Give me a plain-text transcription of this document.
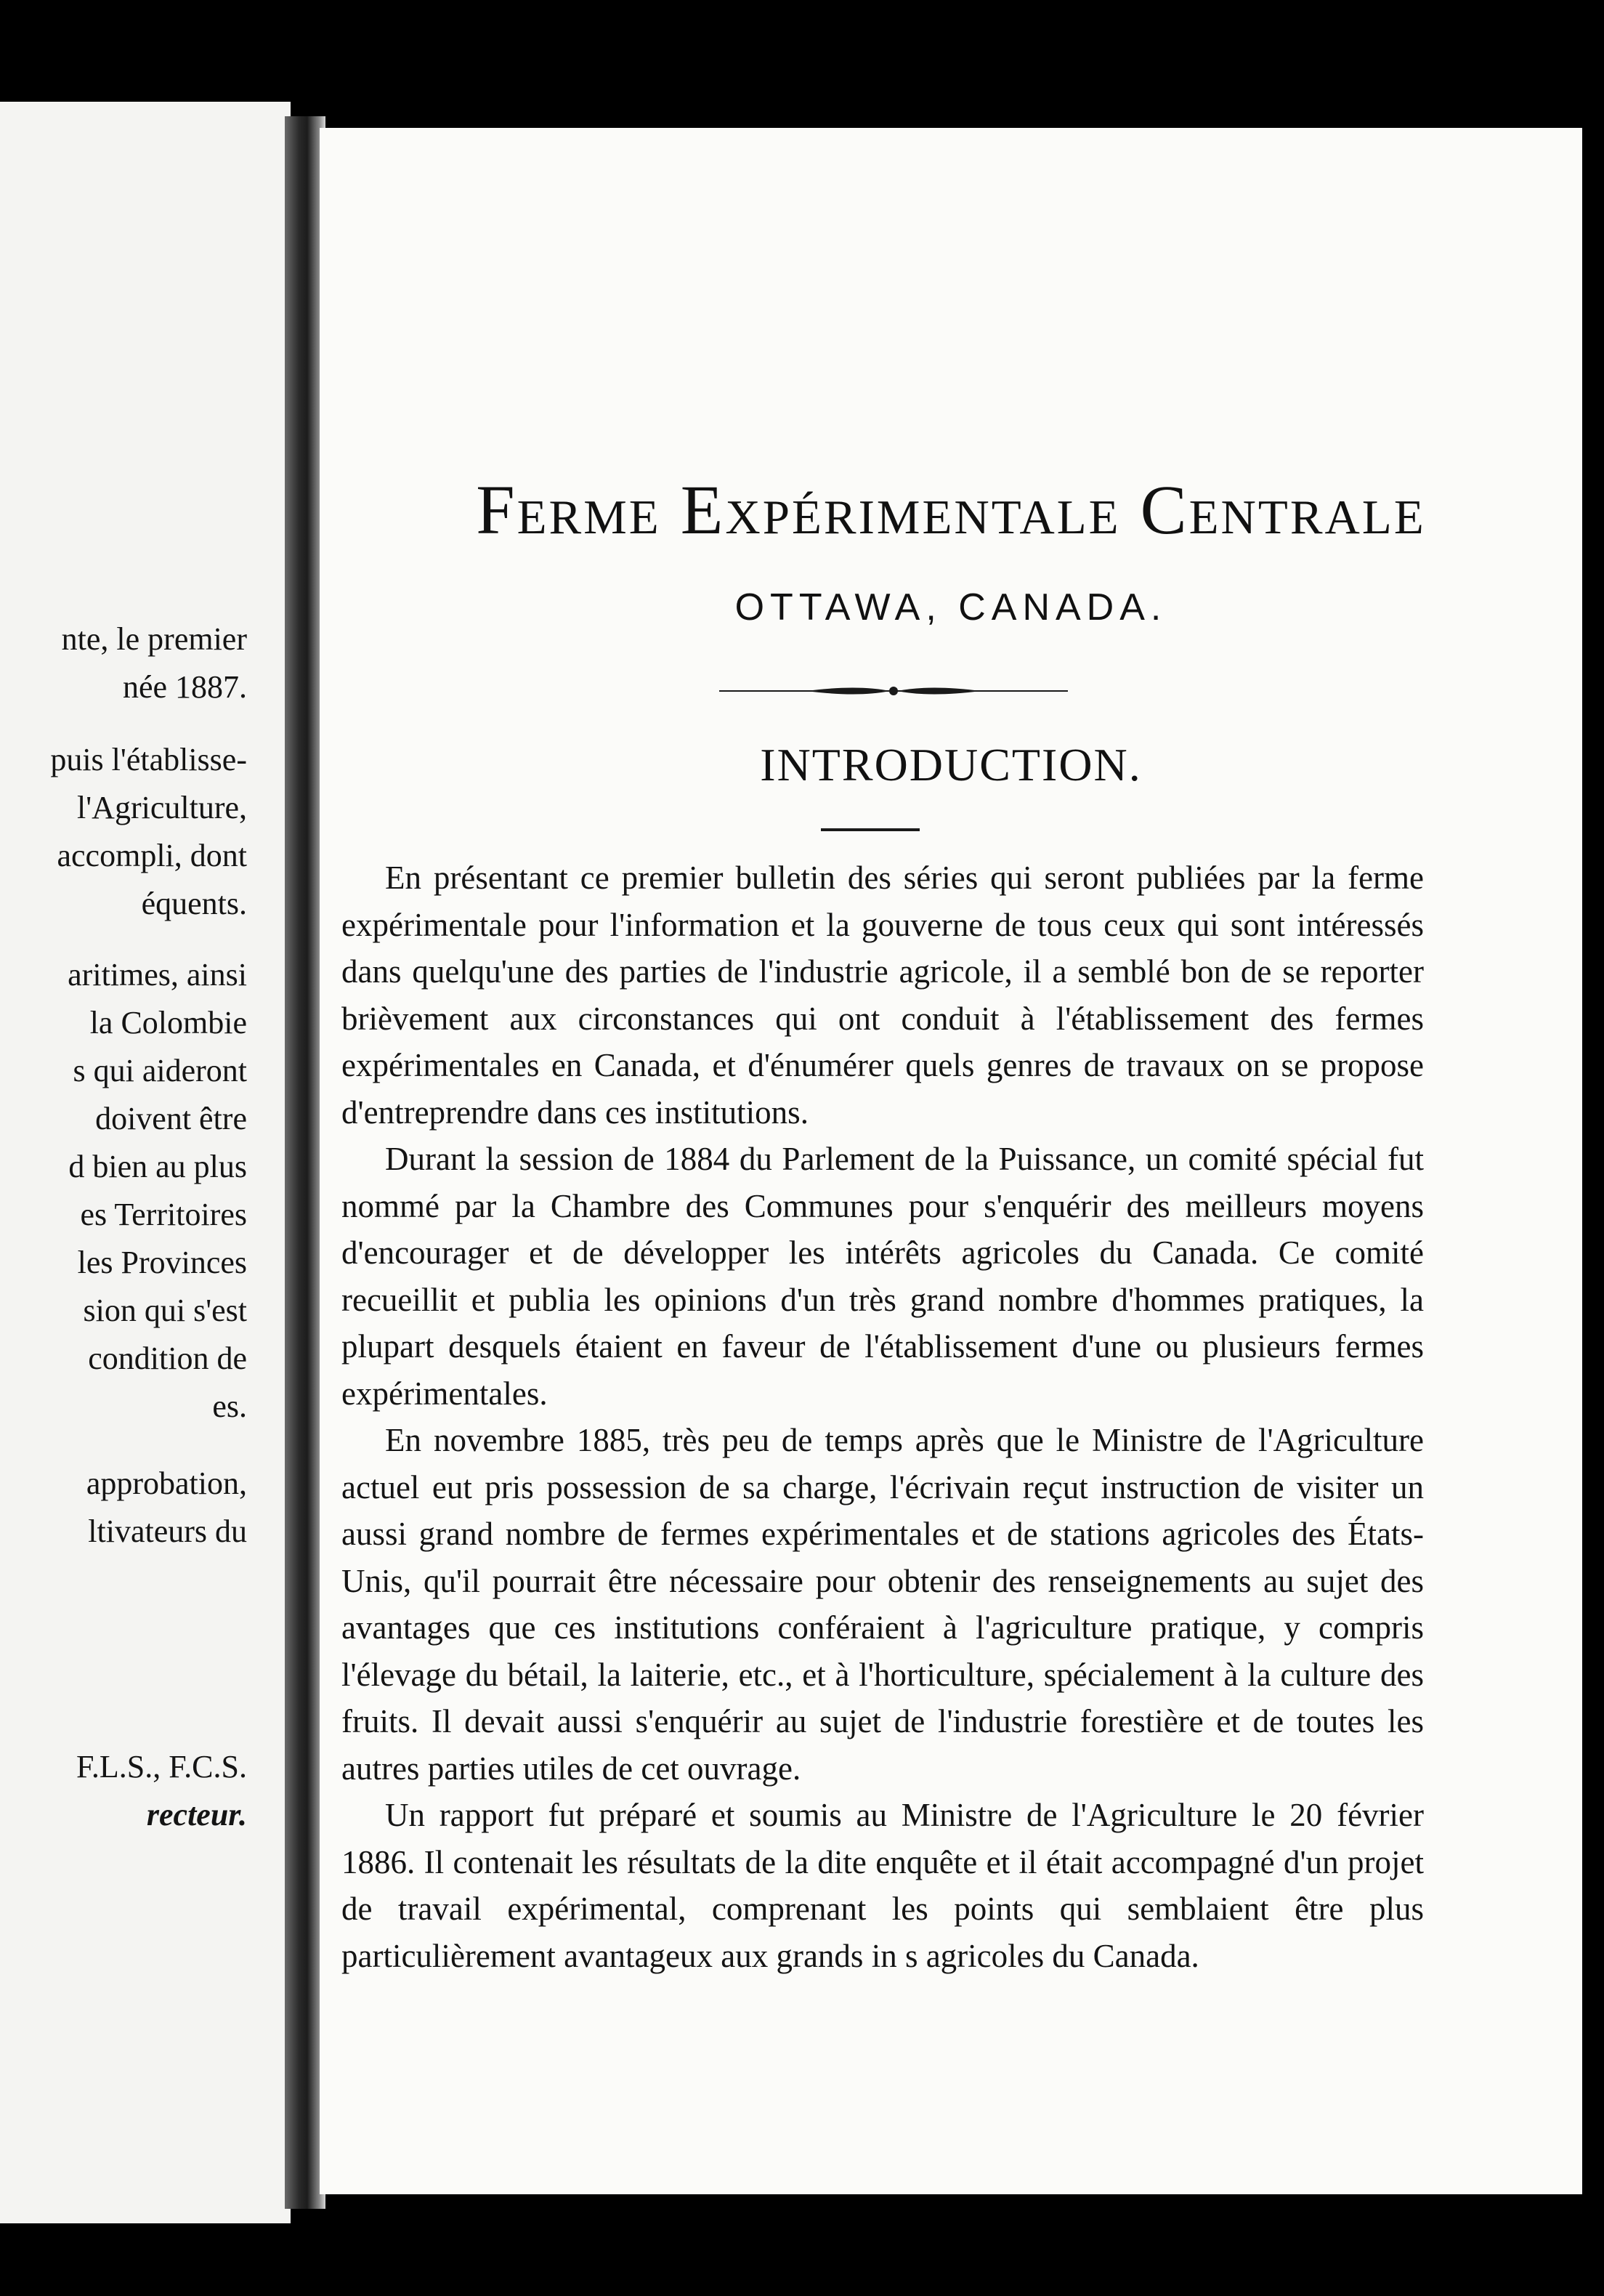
nte, le premier
née 1887.
puis l'établisse-
l'Agriculture,
accompli, dont
équents.
aritimes, ainsi
la Colombie
s qui aideront
doivent être
d bien au plus
es Territoires
les Provinces
sion qui s'est
condition de
es.
approbation,
ltivateurs du
F.L.S., F.C.S.
recteur.
Ferme Expérimentale Centrale
OTTAWA, CANADA.
INTRODUCTION.

En présentant ce premier bulletin des séries qui seront publiées par la ferme expérimentale pour l'information et la gouverne de tous ceux qui sont intéressés dans quelqu'une des parties de l'industrie agricole, il a semblé bon de se reporter brièvement aux circonstances qui ont conduit à l'établissement des fermes expérimentales en Canada, et d'énumérer quels genres de travaux on se propose d'entreprendre dans ces institutions.

Durant la session de 1884 du Parlement de la Puissance, un comité spécial fut nommé par la Chambre des Communes pour s'enquérir des meilleurs moyens d'encourager et de développer les intérêts agricoles du Canada. Ce comité recueillit et publia les opinions d'un très grand nombre d'hommes pratiques, la plupart desquels étaient en faveur de l'établissement d'une ou plusieurs fermes expérimentales.

En novembre 1885, très peu de temps après que le Ministre de l'Agriculture actuel eut pris possession de sa charge, l'écrivain reçut instruction de visiter un aussi grand nombre de fermes expérimentales et de stations agricoles des États-Unis, qu'il pourrait être nécessaire pour obtenir des renseignements au sujet des avantages que ces institutions conféraient à l'agriculture pratique, y compris l'élevage du bétail, la laiterie, etc., et à l'horticulture, spécialement à la culture des fruits. Il devait aussi s'enquérir au sujet de l'industrie forestière et de toutes les autres parties utiles de cet ouvrage.

Un rapport fut préparé et soumis au Ministre de l'Agriculture le 20 février 1886. Il contenait les résultats de la dite enquête et il était accompagné d'un projet de travail expérimental, comprenant les points qui semblaient être plus particulièrement avantageux aux grands in s agricoles du Canada.
